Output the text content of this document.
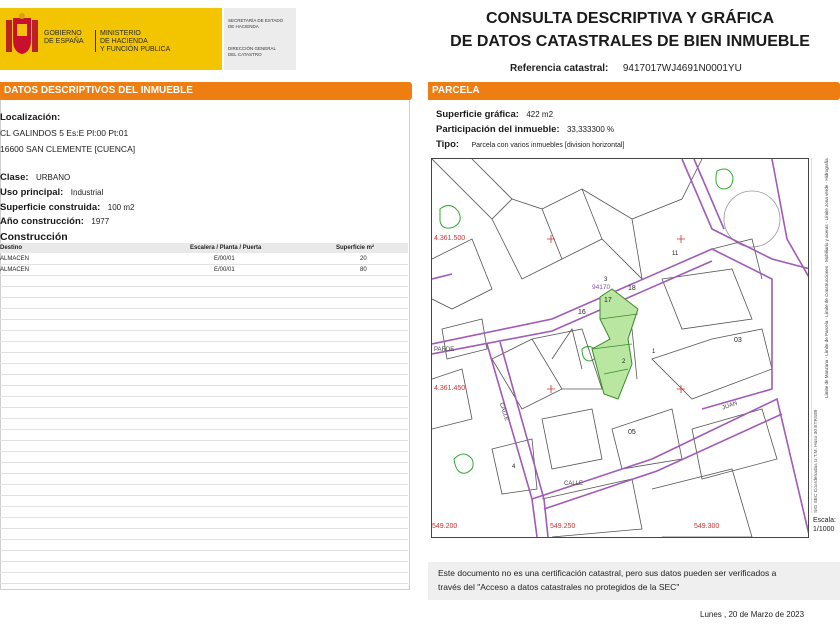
GOBIERNO
DE ESPAÑA
MINISTERIO
DE HACIENDA
Y FUNCIÓN PÚBLICA
SECRETARÍA DE ESTADO
DE HACIENDA
DIRECCIÓN GENERAL
DEL CATASTRO
CONSULTA DESCRIPTIVA Y GRÁFICA
DE DATOS CATASTRALES DE BIEN INMUEBLE
Referencia catastral: 9417017WJ4691N0001YU
DATOS DESCRIPTIVOS DEL INMUEBLE
Localización:
CL GALINDOS 5 Es:E Pl:00 Pt:01
16600 SAN CLEMENTE [CUENCA]
Clase: URBANO
Uso principal: Industrial
Superficie construida: 100 m2
Año construcción: 1977
Construcción
Destino	Escalera / Planta / Puerta	Superficie m²
ALMACEN	E/00/01	20
ALMACEN	E/00/01	80
PARCELA
Superficie gráfica: 422 m2
Participación del inmueble: 33,333300 %
Tipo: Parcela con varios inmuebles [division horizontal]
4.361.500
4.361.450
549.200	549.250	549.300
94170
17
18
16
03
05
3
1
2
11
4
PARDE
CALLE
CALLE
JUAN
SIG SEC Coordenadas U.T.M. Huso 30 ETRS89
Límite de Manzana · Límite de Parcela · Límite de Construcciones · Mobiliario y aceras · Límite zona verde · Hidrografía
Escala:
1/1000
Este documento no es una certificación catastral, pero sus datos pueden ser verificados a
través del "Acceso a datos catastrales no protegidos de la SEC"
Lunes , 20 de Marzo de 2023
